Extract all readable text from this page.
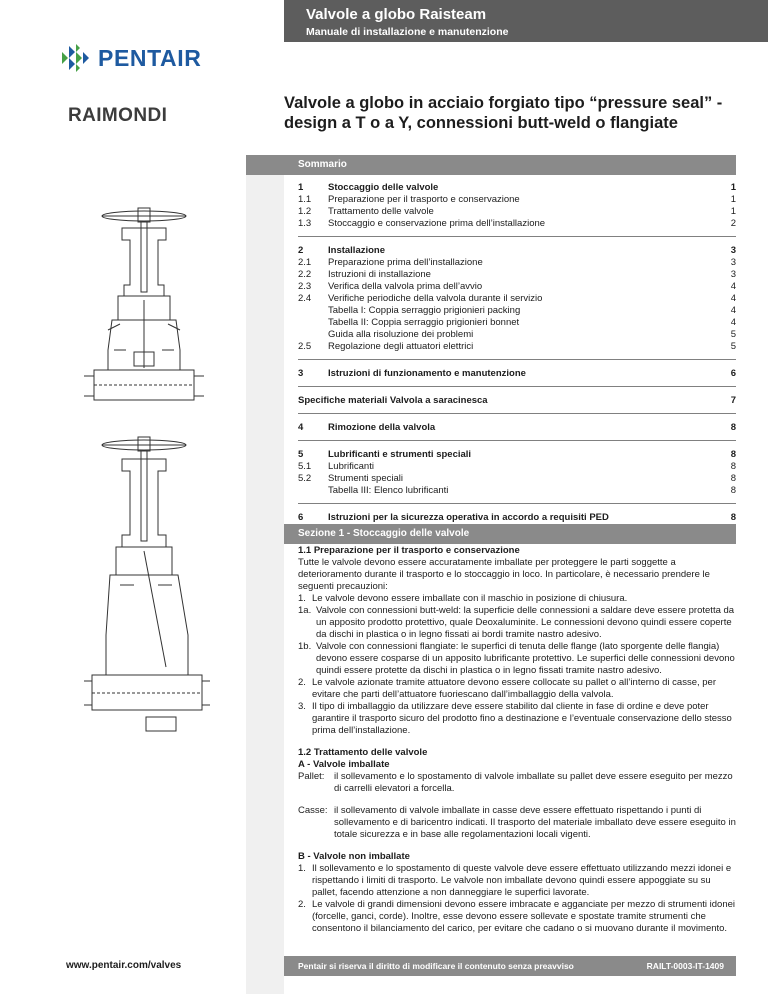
Valvole a globo Raisteam
Manuale di installazione e manutenzione
PENTAIR
RAIMONDI
Valvole a globo in acciaio forgiato tipo “pressure seal” - design a T o a Y, connessioni butt-weld o flangiate
Sommario
1	Stoccaggio delle valvole	1
1.1	Preparazione per il trasporto e conservazione	1
1.2	Trattamento delle valvole	1
1.3	Stoccaggio e conservazione prima dell’installazione	2
2	Installazione	3
2.1	Preparazione prima dell’installazione	3
2.2	Istruzioni di installazione	3
2.3	Verifica della valvola prima dell’avvio	4
2.4	Verifiche periodiche della valvola durante il servizio	4
Tabella I: Coppia serraggio prigionieri packing	4
Tabella II: Coppia serraggio prigionieri bonnet	4
Guida alla risoluzione dei problemi	5
2.5	Regolazione degli attuatori elettrici	5
3	Istruzioni di funzionamento e manutenzione	6
Specifiche materiali Valvola a saracinesca	7
4	Rimozione della valvola	8
5	Lubrificanti e strumenti speciali	8
5.1	Lubrificanti	8
5.2	Strumenti speciali	8
Tabella III: Elenco lubrificanti	8
6	Istruzioni per la sicurezza operativa in accordo a requisiti PED	8
Sezione 1 - Stoccaggio delle valvole
1.1 Preparazione per il trasporto e conservazione

Tutte le valvole devono essere accuratamente imballate per proteggere le parti soggette a deterioramento durante il trasporto e lo stoccaggio in loco. In particolare, è necessario prendere le seguenti precauzioni:

1. Le valvole devono essere imballate con il maschio in posizione di chiusura.
1a. Valvole con connessioni butt-weld: la superficie delle connessioni a saldare deve essere protetta da un apposito prodotto protettivo, quale Deoxaluminite. Le connessioni devono quindi essere coperte da dischi in plastica o in legno fissati ai bordi tramite nastro adesivo.
1b. Valvole con connessioni flangiate: le superfici di tenuta delle flange (lato sporgente delle flangia) devono essere cosparse di un apposito lubrificante protettivo. Le superfici delle connessioni devono quindi essere protette da dischi in plastica o in legno fissati tramite nastro adesivo.
2. Le valvole azionate tramite attuatore devono essere collocate su pallet o all’interno di casse, per evitare che parti dell’attuatore fuoriescano dall’imballaggio della valvola.
3. Il tipo di imballaggio da utilizzare deve essere stabilito dal cliente in fase di ordine e deve poter garantire il trasporto sicuro del prodotto fino a destinazione e l’eventuale conservazione dello stesso prima dell’installazione.
1.2 Trattamento delle valvole
A - Valvole imballate
Pallet:	il sollevamento e lo spostamento di valvole imballate su pallet deve essere eseguito per mezzo di carrelli elevatori a forcella.
Casse: il sollevamento di valvole imballate in casse deve essere effettuato rispettando i punti di sollevamento e di baricentro indicati. Il trasporto del materiale imballato deve essere eseguito in totale sicurezza e in base alle regolamentazioni locali vigenti.
B - Valvole non imballate
1. Il sollevamento e lo spostamento di queste valvole deve essere effettuato utilizzando mezzi idonei e rispettando i limiti di trasporto. Le valvole non imballate devono quindi essere appoggiate su su pallet, facendo attenzione a non danneggiare le superfici lavorate.
2. Le valvole di grandi dimensioni devono essere imbracate e agganciate per mezzo di strumenti idonei (forcelle, ganci, corde). Inoltre, esse devono essere sollevate e spostate tramite strumenti che consentono il bilanciamento del carico, per evitare che cadano o si muovano durante il movimento.
www.pentair.com/valves	Pentair si riserva il diritto di modificare il contenuto senza preavviso	RAILT-0003-IT-1409
